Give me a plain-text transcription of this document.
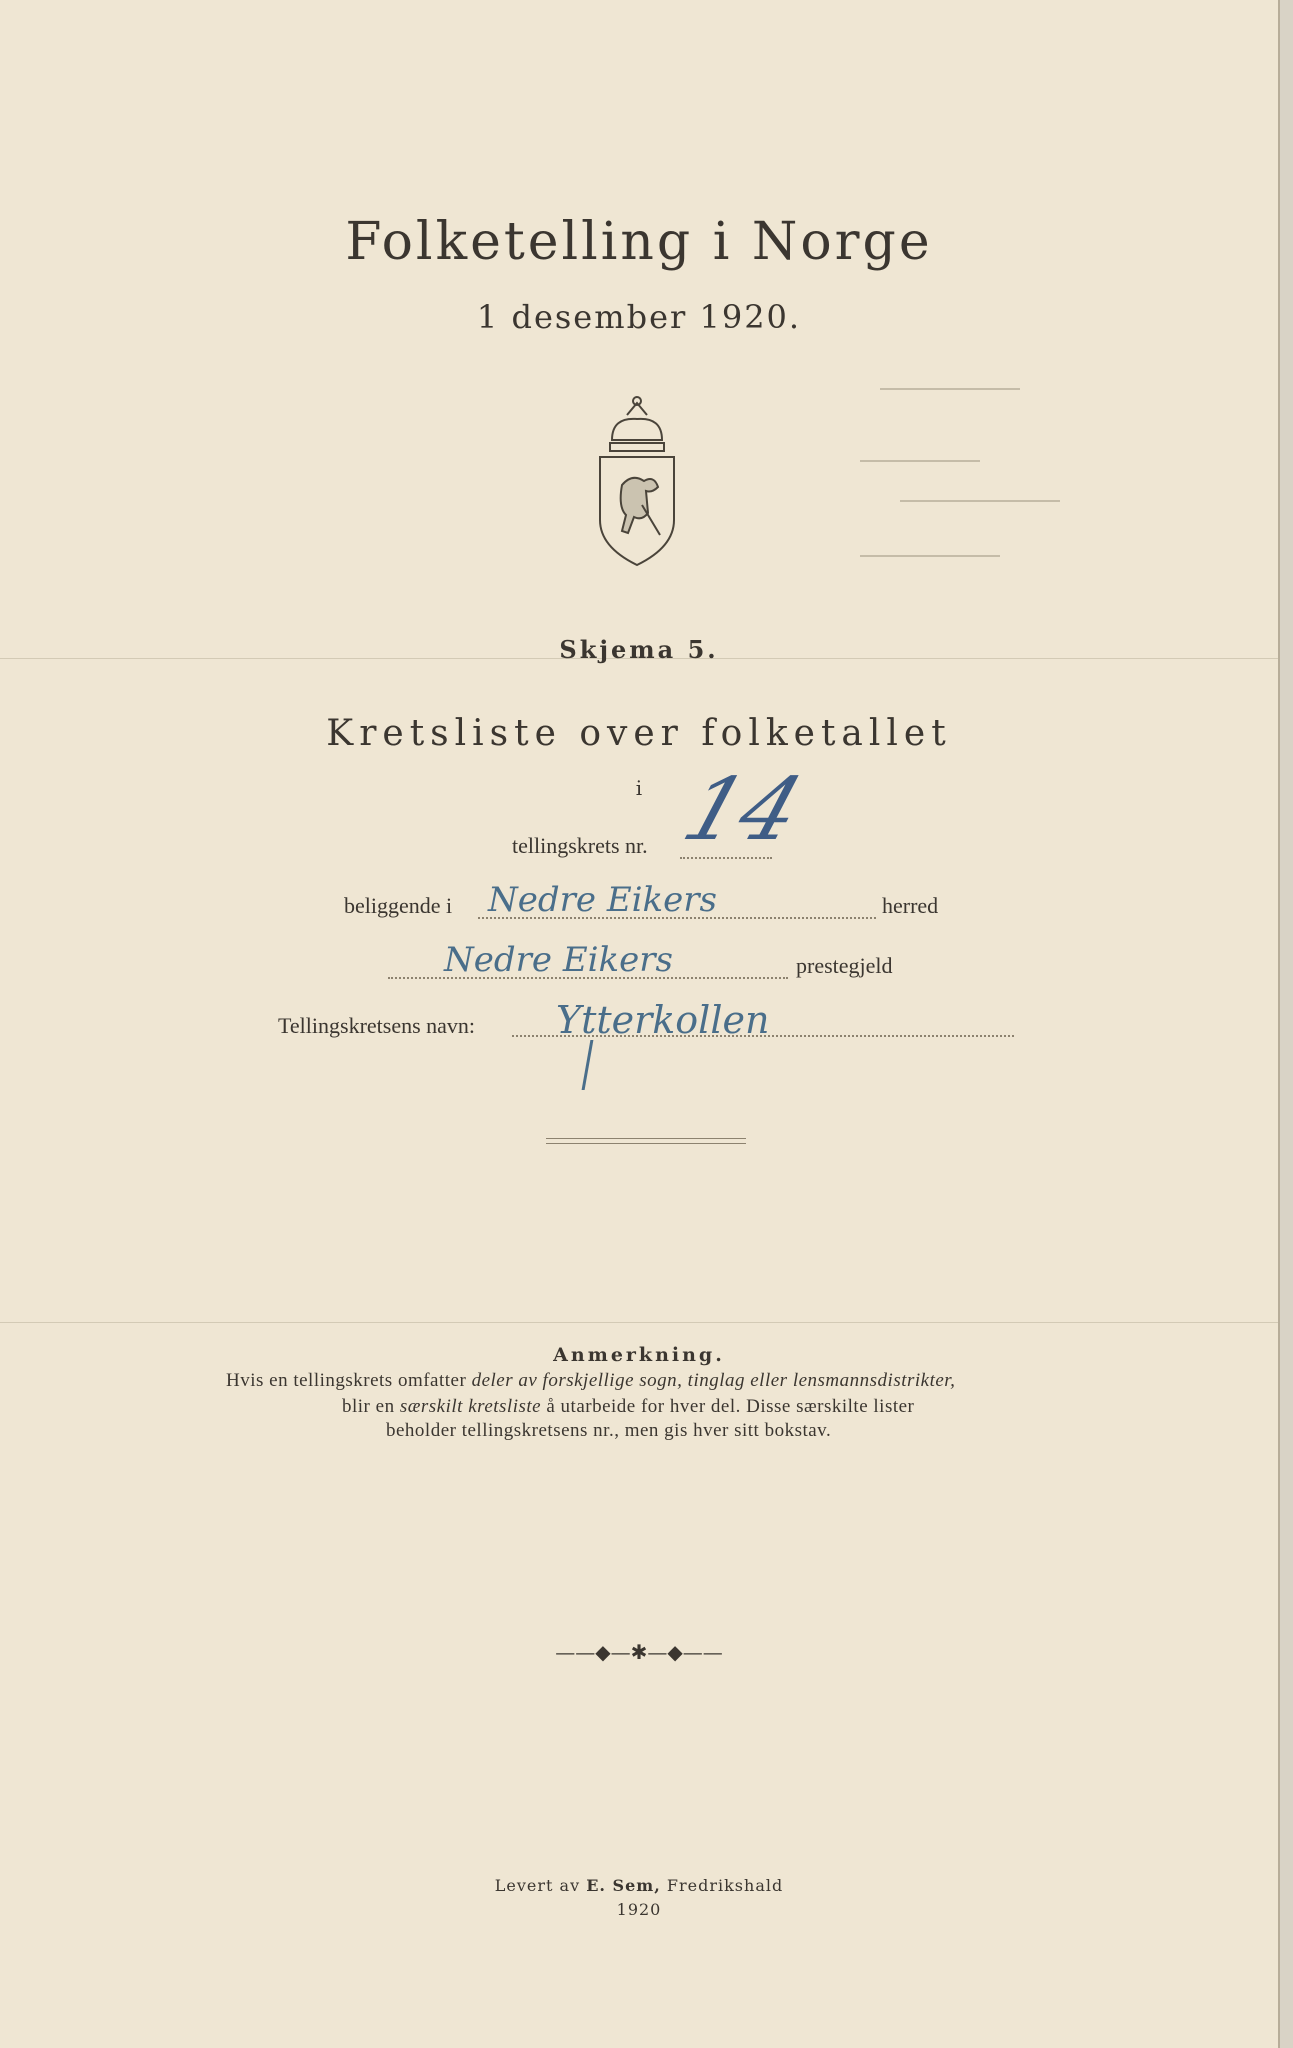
Folketelling i Norge
1 desember 1920.
Skjema 5.
Kretsliste over folketallet
i
tellingskrets nr. 14
beliggende i Nedre Eikers	herred
Nedre Eikers	prestegjeld
Tellingskretsens navn: Ytterkollen
Anmerkning.
Hvis en tellingskrets omfatter deler av forskjellige sogn, tinglag eller lensmannsdistrikter,
blir en særskilt kretsliste å utarbeide for hver del. Disse særskilte lister
beholder tellingskretsens nr., men gis hver sitt bokstav.
——◆—✱—◆——
Levert av E. Sem, Fredrikshald
1920
